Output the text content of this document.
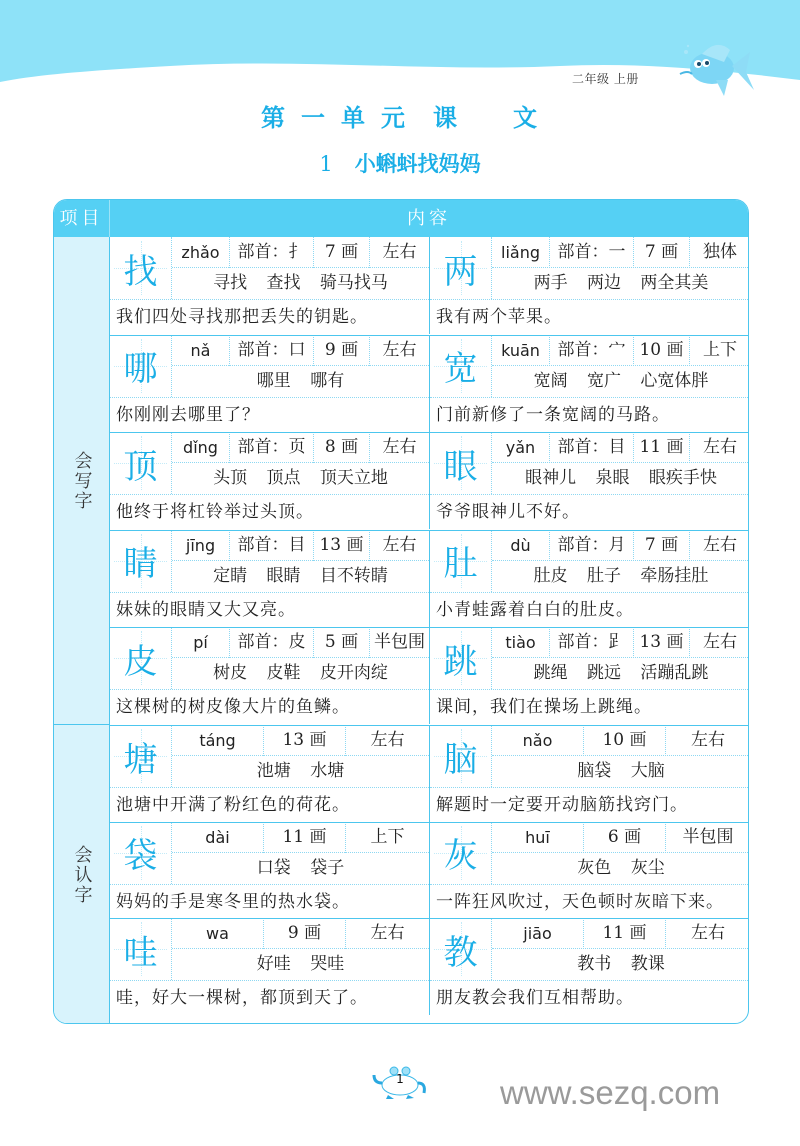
二年级 上册
第 一 单 元 课 文
1 小蝌蚪找妈妈
项目	内容
会写字
会认字
找	zhǎo	部首：扌	7 画	左右
寻找 查找 骑马找马
我们四处寻找那把丢失的钥匙。
两	liǎng	部首：一	7 画	独体
两手 两边 两全其美
我有两个苹果。
哪	nǎ	部首：口	9 画	左右
哪里 哪有
你刚刚去哪里了？
宽	kuān	部首：宀 10 画	上下
宽阔 宽广 心宽体胖
门前新修了一条宽阔的马路。
顶	dǐng	部首：页	8 画	左右
头顶 顶点 顶天立地
他终于将杠铃举过头顶。
眼	yǎn	部首：目 11 画	左右
眼神儿 泉眼 眼疾手快
爷爷眼神儿不好。
睛	jīng	部首：目 13 画	左右
定睛 眼睛 目不转睛
妹妹的眼睛又大又亮。
肚	dù	部首：月	7 画	左右
肚皮 肚子 牵肠挂肚
小青蛙露着白白的肚皮。
皮	pí	部首：皮	5 画 半包围
树皮 皮鞋 皮开肉绽
这棵树的树皮像大片的鱼鳞。
跳	tiào	部首：𧾷 13 画	左右
跳绳 跳远 活蹦乱跳
课间，我们在操场上跳绳。
塘	táng	13 画	左右
池塘 水塘
池塘中开满了粉红色的荷花。
脑	nǎo	10 画	左右
脑袋 大脑
解题时一定要开动脑筋找窍门。
袋	dài	11 画	上下
口袋 袋子
妈妈的手是寒冬里的热水袋。
灰	huī	6 画	半包围
灰色 灰尘
一阵狂风吹过，天色顿时灰暗下来。
哇	wa	9 画	左右
好哇 哭哇
哇，好大一棵树，都顶到天了。
教	jiāo	11 画	左右
教书 教课
朋友教会我们互相帮助。
1	www.sezq.com
